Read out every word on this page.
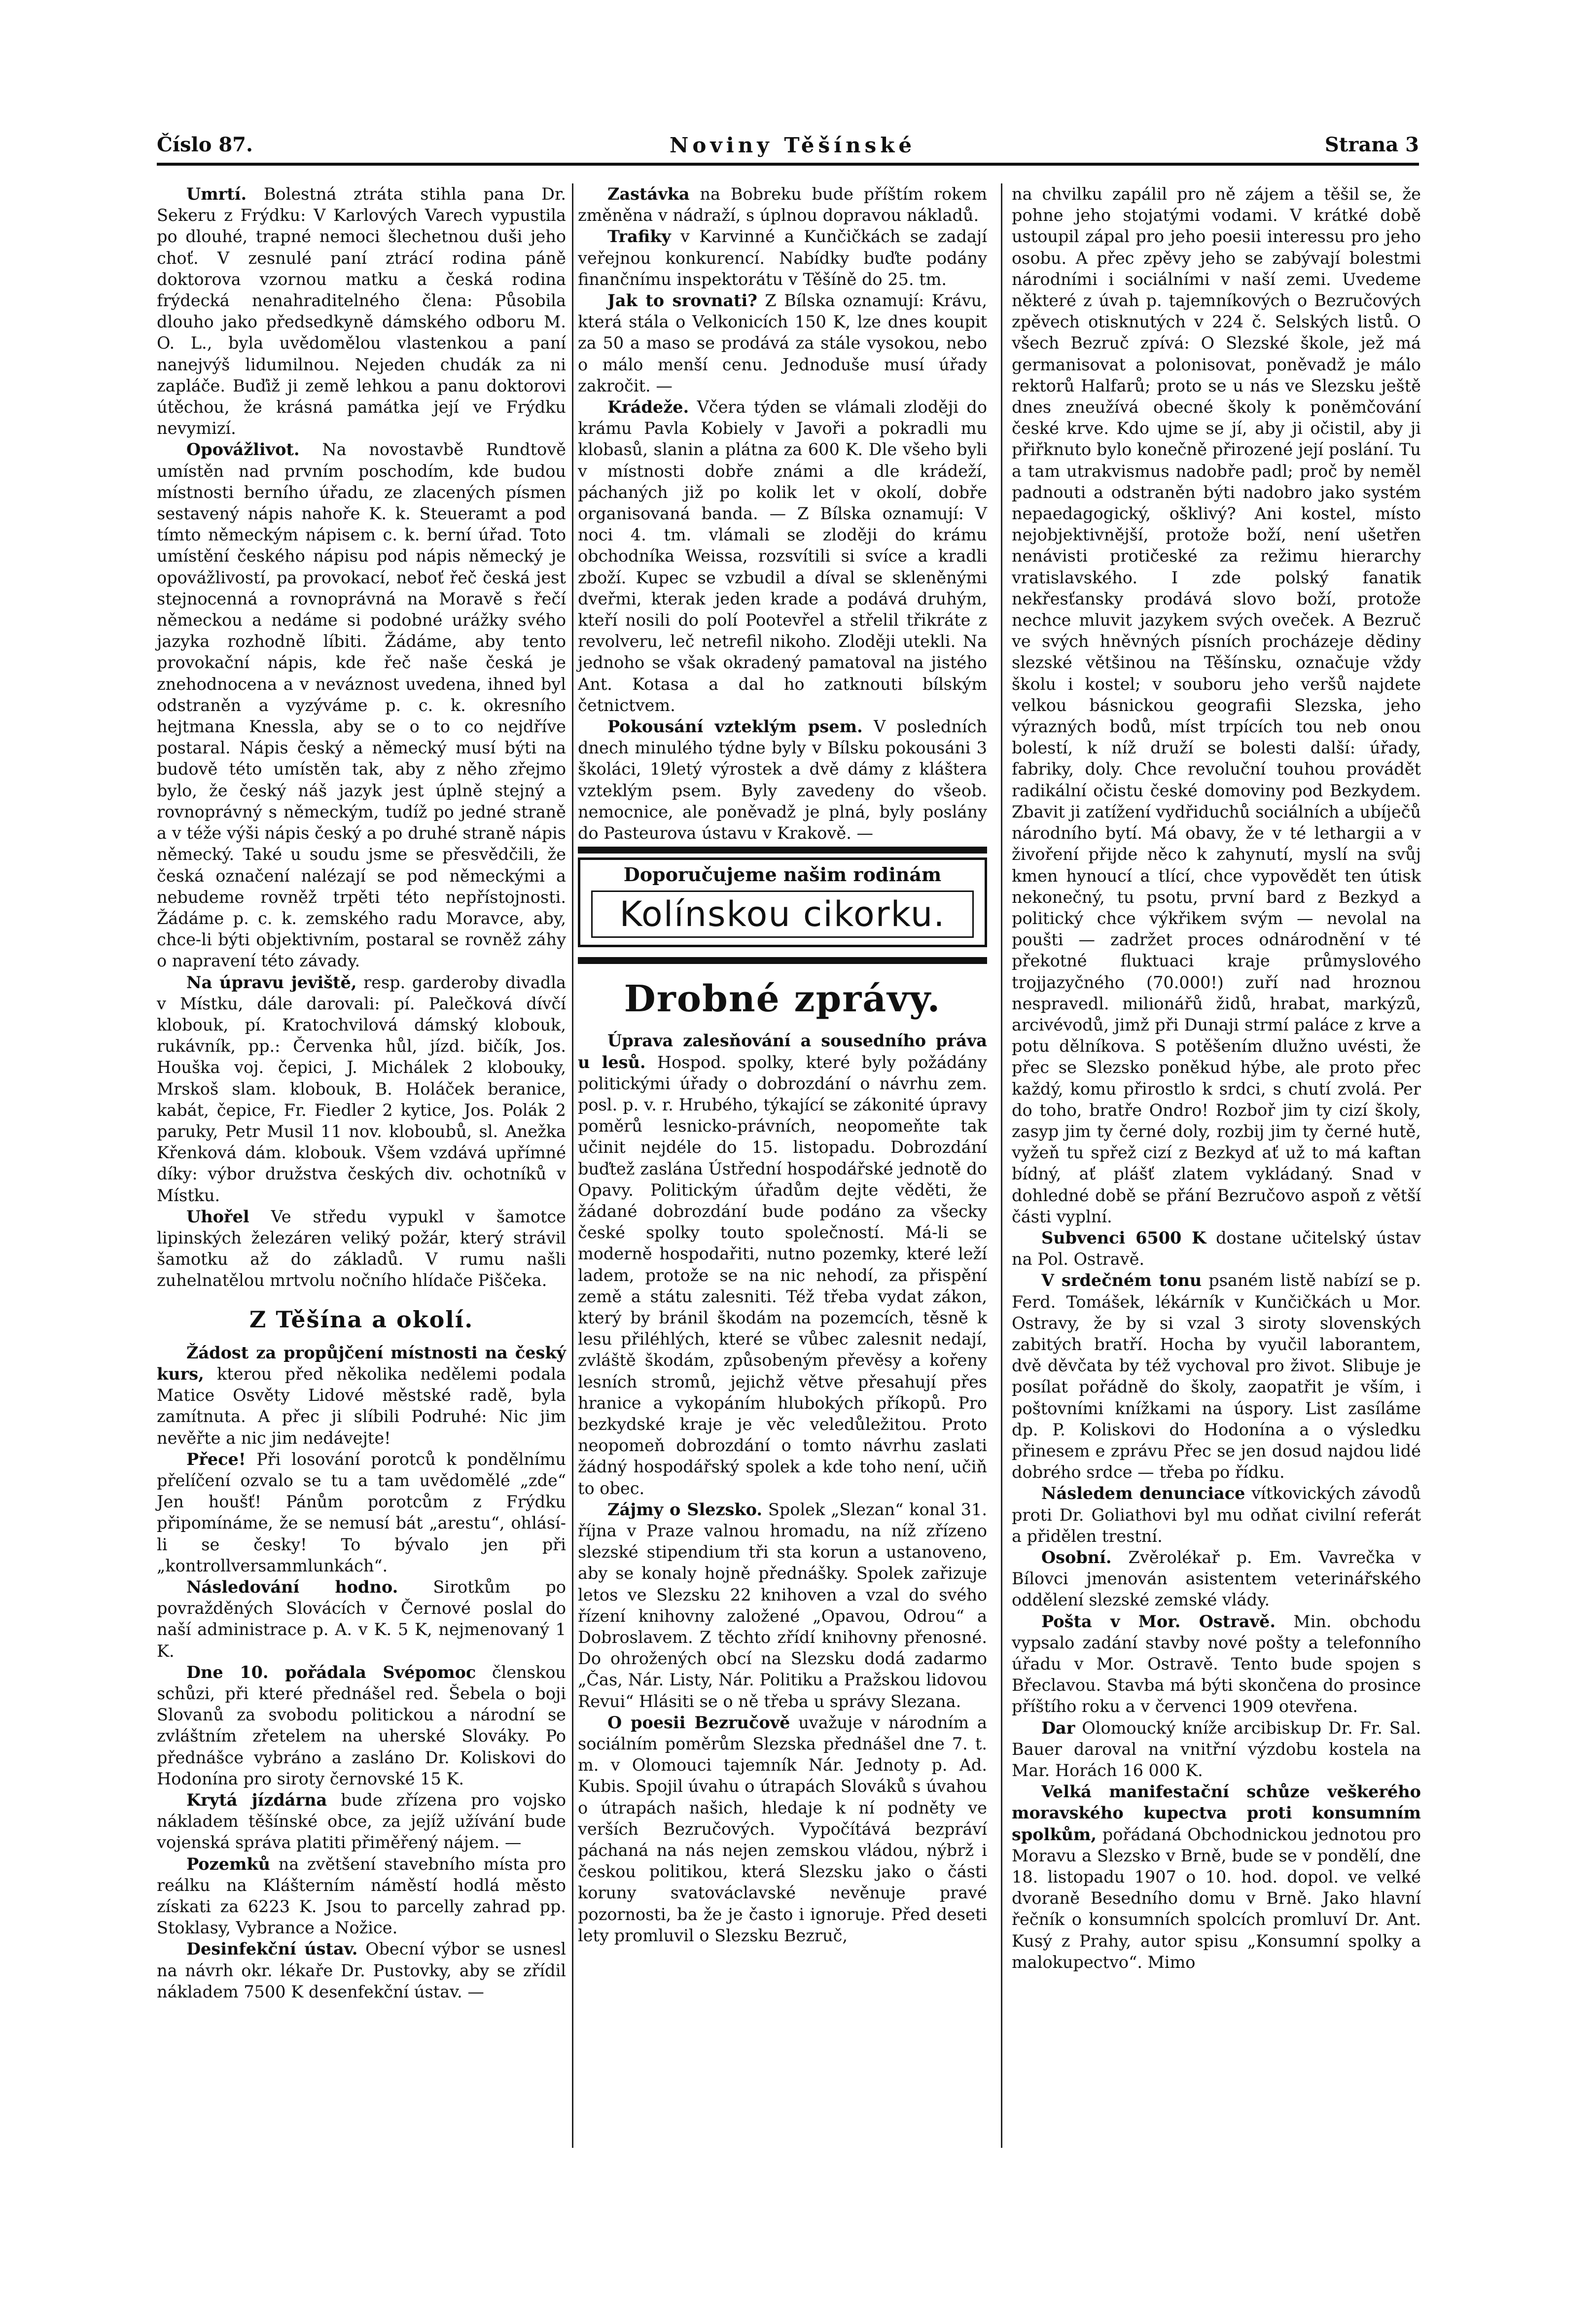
Číslo 87.	Noviny Těšínské	Strana 3

Umrtí. Bolestná ztráta stihla pana Dr. Sekeru z Frýdku: V Karlových Varech vypustila po dlouhé, trapné nemoci šlechetnou duši jeho choť. V zesnulé paní ztrácí rodina páně doktorova vzornou matku a česká rodina frýdecká nenahraditelného člena: Působila dlouho jako předsedkyně dámského odboru M. O. L., byla uvědomělou vlastenkou a paní nanejvýš lidumilnou. Nejeden chudák za ni zapláče. Buďiž ji země lehkou a panu doktorovi útěchou, že krásná památka její ve Frýdku nevymizí.

Opovážlivot. Na novostavbě Rundtově umístěn nad prvním poschodím, kde budou místnosti berního úřadu, ze zlacených písmen sestavený nápis nahoře K. k. Steueramt a pod tímto německým nápisem c. k. berní úřad. Toto umístění českého nápisu pod nápis německý je opovážlivostí, pa provokací, neboť řeč česká jest stejnocenná a rovnoprávná na Moravě s řečí německou a nedáme si podobné urážky svého jazyka rozhodně líbiti. Žádáme, aby tento provokační nápis, kde řeč naše česká je znehodnocena a v neváznost uvedena, ihned byl odstraněn a vyzýváme p. c. k. okresního hejtmana Knessla, aby se o to co nejdříve postaral. Nápis český a německý musí býti na budově této umístěn tak, aby z něho zřejmo bylo, že český náš jazyk jest úplně stejný a rovnoprávný s německým, tudíž po jedné straně a v téže výši nápis český a po druhé straně nápis německý. Také u soudu jsme se přesvědčili, že česká označení nalézají se pod německými a nebudeme rovněž trpěti této nepřístojnosti. Žádáme p. c. k. zemského radu Moravce, aby, chce-li býti objektivním, postaral se rovněž záhy o napravení této závady.

Na úpravu jeviště, resp. garderoby divadla v Místku, dále darovali: pí. Palečková dívčí klobouk, pí. Kratochvilová dámský klobouk, rukávník, pp.: Červenka hůl, jízd. bičík, Jos. Houška voj. čepici, J. Michálek 2 klobouky, Mrskoš slam. klobouk, B. Holáček beranice, kabát, čepice, Fr. Fiedler 2 kytice, Jos. Polák 2 paruky, Petr Musil 11 nov. kloboubů, sl. Anežka Křenková dám. klobouk. Všem vzdává upřímné díky: výbor družstva českých div. ochotníků v Místku.

Uhořel Ve středu vypukl v šamotce lipinských železáren veliký požár, který strávil šamotku až do základů. V rumu našli zuhelnatělou mrtvolu nočního hlídače Piščeka.

Z Těšína a okolí.

Žádost za propůjčení místnosti na český kurs, kterou před několika nedělemi podala Matice Osvěty Lidové městské radě, byla zamítnuta. A přec ji slíbili Podruhé: Nic jim nevěřte a nic jim nedávejte!

Přece! Při losování porotců k pondělnímu přelíčení ozvalo se tu a tam uvědomělé „zde“ Jen houšť! Pánům porotcům z Frýdku připomínáme, že se nemusí bát „arestu“, ohlásí-li se česky! To bývalo jen při „kontrollversammlunkách“.

Následování hodno. Sirotkům po povražděných Slovácích v Černové poslal do naší administrace p. A. v K. 5 K, nejmenovaný 1 K.

Dne 10. pořádala Svépomoc členskou schůzi, při které přednášel red. Šebela o boji Slovanů za svobodu politickou a národní se zvláštním zřetelem na uherské Slováky. Po přednášce vybráno a zasláno Dr. Koliskovi do Hodonína pro siroty černovské 15 K.

Krytá jízdárna bude zřízena pro vojsko nákladem těšínské obce, za jejíž užívání bude vojenská správa platiti přiměřený nájem. —

Pozemků na zvětšení stavebního místa pro reálku na Klášterním náměstí hodlá město získati za 6223 K. Jsou to parcelly zahrad pp. Stoklasy, Vybrance a Nožice.

Desinfekční ústav. Obecní výbor se usnesl na návrh okr. lékaře Dr. Pustovky, aby se zřídil nákladem 7500 K desenfekční ústav. —

Zastávka na Bobreku bude příštím rokem změněna v nádraží, s úplnou dopravou nákladů.

Trafiky v Karvinné a Kunčičkách se zadají veřejnou konkurencí. Nabídky buďte podány finančnímu inspektorátu v Těšíně do 25. tm.

Jak to srovnati? Z Bílska oznamují: Krávu, která stála o Velkonicích 150 K, lze dnes koupit za 50 a maso se prodává za stále vysokou, nebo o málo menší cenu. Jednoduše musí úřady zakročit. —

Krádeže. Včera týden se vlámali zloději do krámu Pavla Kobiely v Javoři a pokradli mu klobasů, slanin a plátna za 600 K. Dle všeho byli v místnosti dobře známi a dle krádeží, páchaných již po kolik let v okolí, dobře organisovaná banda. — Z Bílska oznamují: V noci 4. tm. vlámali se zloději do krámu obchodníka Weissa, rozsvítili si svíce a kradli zboží. Kupec se vzbudil a díval se skleněnými dveřmi, kterak jeden krade a podává druhým, kteří nosili do polí Pootevřel a střelil třikráte z revolveru, leč netrefil nikoho. Zloději utekli. Na jednoho se však okradený pamatoval na jistého Ant. Kotasa a dal ho zatknouti bílským četnictvem.

Pokousání vzteklým psem. V posledních dnech minulého týdne byly v Bílsku pokousáni 3 školáci, 19letý výrostek a dvě dámy z kláštera vzteklým psem. Byly zavedeny do všeob. nemocnice, ale poněvadž je plná, byly poslány do Pasteurova ústavu v Krakově. —

Doporučujeme našim rodinám
Kolínskou cikorku.
Drobné zprávy.

Úprava zalesňování a sousedního práva u lesů. Hospod. spolky, které byly požádány politickými úřady o dobrozdání o návrhu zem. posl. p. v. r. Hrubého, týkající se zákonité úpravy poměrů lesnicko-právních, neopomeňte tak učinit nejdéle do 15. listopadu. Dobrozdání buďtež zaslána Ústřední hospodářské jednotě do Opavy. Politickým úřadům dejte věděti, že žádané dobrozdání bude podáno za všecky české spolky touto společností. Má-li se moderně hospodařiti, nutno pozemky, které leží ladem, protože se na nic nehodí, za přispění země a státu zalesniti. Též třeba vydat zákon, který by bránil škodám na pozemcích, těsně k lesu přiléhlých, které se vůbec zalesnit nedají, zvláště škodám, způsobeným převěsy a kořeny lesních stromů, jejichž větve přesahují přes hranice a vykopáním hlubokých příkopů. Pro bezkydské kraje je věc veledůležitou. Proto neopomeň dobrozdání o tomto návrhu zaslati žádný hospodářský spolek a kde toho není, učiň to obec.

Zájmy o Slezsko. Spolek „Slezan“ konal 31. října v Praze valnou hromadu, na níž zřízeno slezské stipendium tři sta korun a ustanoveno, aby se konaly hojně přednášky. Spolek zařizuje letos ve Slezsku 22 knihoven a vzal do svého řízení knihovny založené „Opavou, Odrou“ a Dobroslavem. Z těchto zřídí knihovny přenosné. Do ohrožených obcí na Slezsku dodá zadarmo „Čas, Nár. Listy, Nár. Politiku a Pražskou lidovou Revui“ Hlásiti se o ně třeba u správy Slezana.

O poesii Bezručově uvažuje v národním a sociálním poměrům Slezska přednášel dne 7. t. m. v Olomouci tajemník Nár. Jednoty p. Ad. Kubis. Spojil úvahu o útrapách Slováků s úvahou o útrapách našich, hledaje k ní podněty ve verších Bezručových. Vypočítává bezpráví páchaná na nás nejen zemskou vládou, nýbrž i českou politikou, která Slezsku jako o části koruny svatováclavské nevěnuje pravé pozornosti, ba že je často i ignoruje. Před deseti lety promluvil o Slezsku Bezruč,

na chvilku zapálil pro ně zájem a těšil se, že pohne jeho stojatými vodami. V krátké době ustoupil zápal pro jeho poesii interessu pro jeho osobu. A přec zpěvy jeho se zabývají bolestmi národními i sociálními v naší zemi. Uvedeme některé z úvah p. tajemníkových o Bezručových zpěvech otisknutých v 224 č. Selských listů. O všech Bezruč zpívá: O Slezské škole, jež má germanisovat a polonisovat, poněvadž je málo rektorů Halfarů; proto se u nás ve Slezsku ještě dnes zneužívá obecné školy k poněmčování české krve. Kdo ujme se jí, aby ji očistil, aby ji přiřknuto bylo konečně přirozené její poslání. Tu a tam utrakvismus nadobře padl; proč by neměl padnouti a odstraněn býti nadobro jako systém nepaedagogický, ošklivý? Ani kostel, místo nejobjektivnější, protože boží, není ušetřen nenávisti protičeské za režimu hierarchy vratislavského. I zde polský fanatik nekřesťansky prodává slovo boží, protože nechce mluvit jazykem svých oveček. A Bezruč ve svých hněvných písních procházeje dědiny slezské většinou na Těšínsku, označuje vždy školu i kostel; v souboru jeho veršů najdete velkou básnickou geografii Slezska, jeho výrazných bodů, míst trpících tou neb onou bolestí, k níž druží se bolesti další: úřady, fabriky, doly. Chce revoluční touhou provádět radikální očistu české domoviny pod Bezkydem. Zbavit ji zatížení vydřiduchů sociálních a ubíječů národního bytí. Má obavy, že v té lethargii a v živoření přijde něco k zahynutí, myslí na svůj kmen hynoucí a tlící, chce vypovědět ten útisk nekonečný, tu psotu, první bard z Bezkyd a politický chce výkřikem svým — nevolal na poušti — zadržet proces odnárodnění v té překotné fluktuaci kraje průmyslového trojjazyčného (70.000!) zuří nad hroznou nespravedl. milionářů židů, hrabat, markýzů, arcivévodů, jimž při Dunaji strmí paláce z krve a potu dělníkova. S potěšením dlužno uvésti, že přec se Slezsko poněkud hýbe, ale proto přec každý, komu přirostlo k srdci, s chutí zvolá. Per do toho, bratře Ondro! Rozboř jim ty cizí školy, zasyp jim ty černé doly, rozbij jim ty černé hutě, vyžeň tu spřež cizí z Bezkyd ať už to má kaftan bídný, ať plášť zlatem vykládaný. Snad v dohledné době se přání Bezručovo aspoň z větší části vyplní.

Subvenci 6500 K dostane učitelský ústav na Pol. Ostravě.

V srdečném tonu psaném listě nabízí se p. Ferd. Tomášek, lékárník v Kunčičkách u Mor. Ostravy, že by si vzal 3 siroty slovenských zabitých bratří. Hocha by vyučil laborantem, dvě děvčata by též vychoval pro život. Slibuje je posílat pořádně do školy, zaopatřit je vším, i poštovními knížkami na úspory. List zasíláme dp. P. Koliskovi do Hodonína a o výsledku přinesem e zprávu Přec se jen dosud najdou lidé dobrého srdce — třeba po řídku.

Následem denunciace vítkovických závodů proti Dr. Goliathovi byl mu odňat civilní referát a přidělen trestní.

Osobní. Zvěrolékař p. Em. Vavrečka v Bílovci jmenován asistentem veterinářského oddělení slezské zemské vlády.

Pošta v Mor. Ostravě. Min. obchodu vypsalo zadání stavby nové pošty a telefonního úřadu v Mor. Ostravě. Tento bude spojen s Břeclavou. Stavba má býti skončena do prosince příštího roku a v červenci 1909 otevřena.

Dar Olomoucký kníže arcibiskup Dr. Fr. Sal. Bauer daroval na vnitřní výzdobu kostela na Mar. Horách 16 000 K.

Velká manifestační schůze veškerého moravského kupectva proti konsumním spolkům, pořádaná Obchodnickou jednotou pro Moravu a Slezsko v Brně, bude se v pondělí, dne 18. listopadu 1907 o 10. hod. dopol. ve velké dvoraně Besedního domu v Brně. Jako hlavní řečník o konsumních spolcích promluví Dr. Ant. Kusý z Prahy, autor spisu „Konsumní spolky a malokupectvo“. Mimo
